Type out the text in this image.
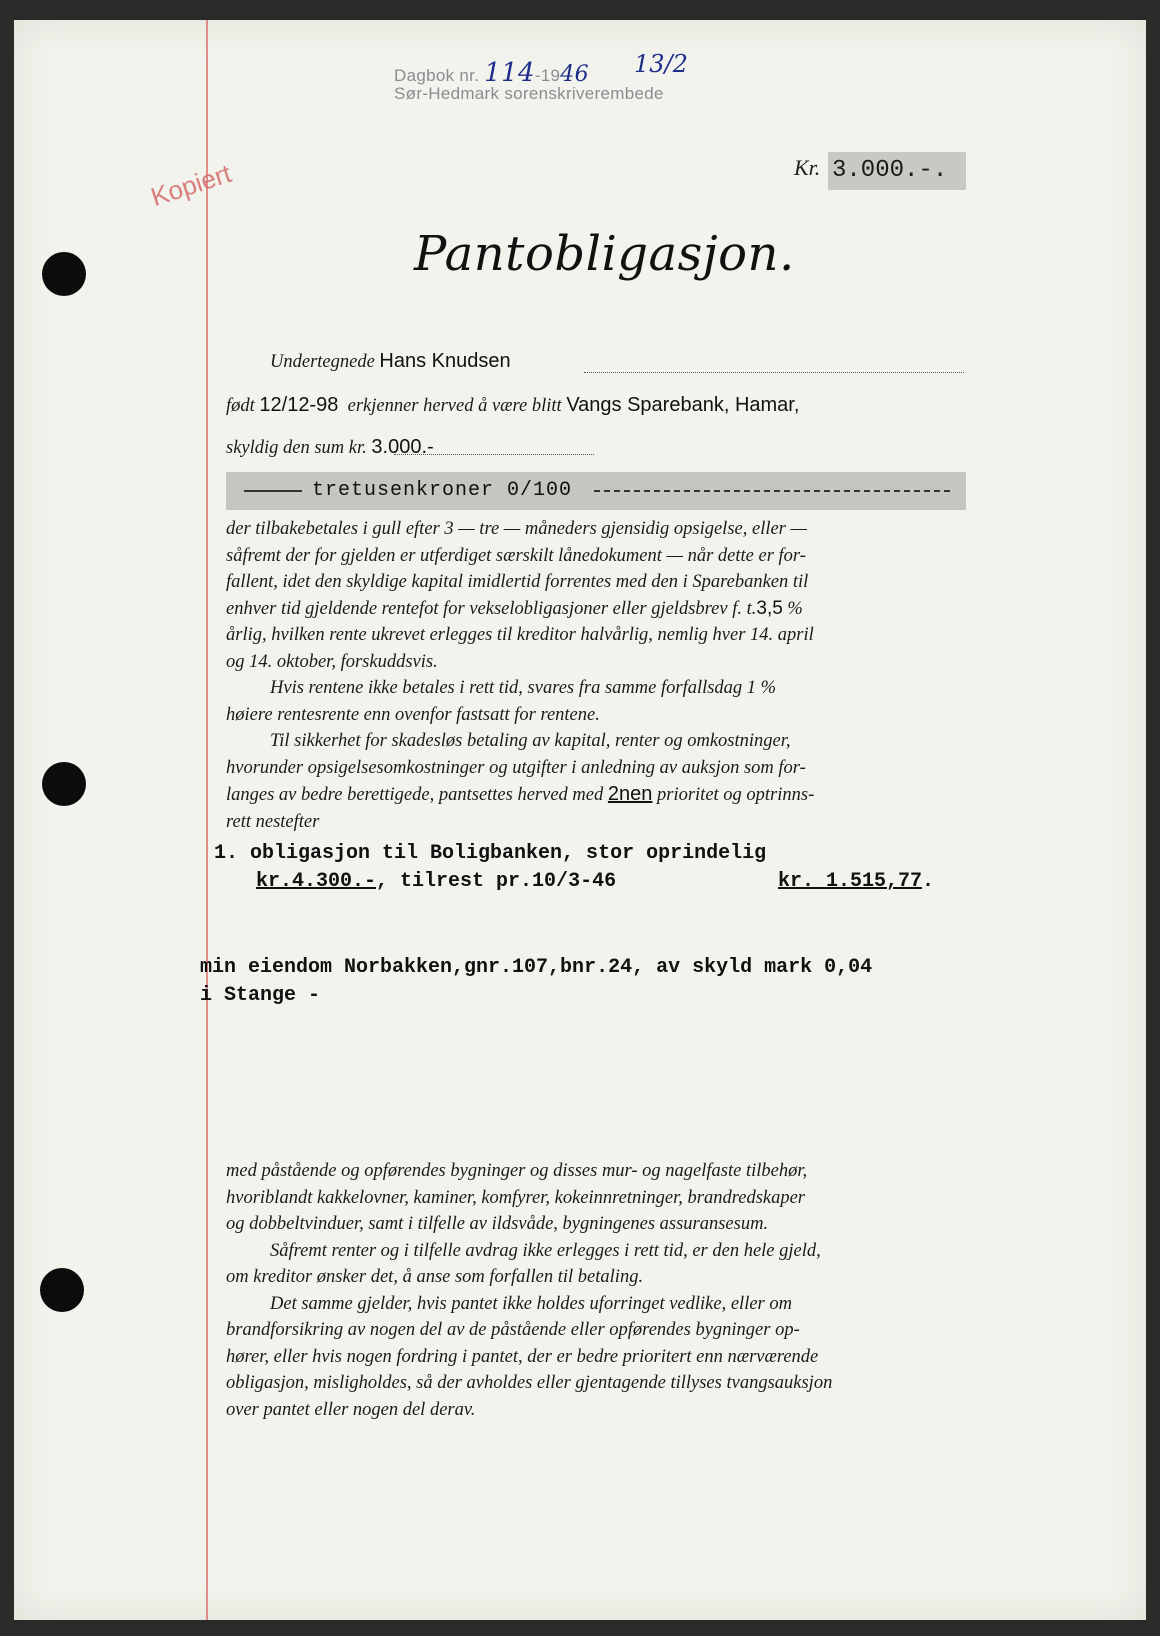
Dagbok nr. 114-1946 13/2
Sør-Hedmark sorenskriverembede
Kopiert	Kr. 3.000.-.
Pantobligasjon.
Undertegnede Hans Knudsen
født 12/12-98 erkjenner herved å være blitt Vangs Sparebank, Hamar,
skyldig den sum kr. 3.000.-
tretusenkroner 0/100

der tilbakebetales i gull efter 3 — tre — måneders gjensidig opsigelse, eller —

såfremt der for gjelden er utferdiget særskilt lånedokument — når dette er for-

fallent, idet den skyldige kapital imidlertid forrentes med den i Sparebanken til

enhver tid gjeldende rentefot for vekselobligasjoner eller gjeldsbrev f. t.3,5 %

årlig, hvilken rente ukrevet erlegges til kreditor halvårlig, nemlig hver 14. april

og 14. oktober, forskuddsvis.

Hvis rentene ikke betales i rett tid, svares fra samme forfallsdag 1 %

høiere rentesrente enn ovenfor fastsatt for rentene.

Til sikkerhet for skadesløs betaling av kapital, renter og omkostninger,

hvorunder opsigelsesomkostninger og utgifter i anledning av auksjon som for-

langes av bedre berettigede, pantsettes herved med 2nen prioritet og optrinns-

rett nestefter

1. obligasjon til Boligbanken, stor oprindelig
kr.4.300.-, tilrest pr.10/3-46	kr. 1.515,77.
min eiendom Norbakken,gnr.107,bnr.24, av skyld mark 0,04
i Stange -

med påstående og opførendes bygninger og disses mur- og nagelfaste tilbehør,

hvoriblandt kakkelovner, kaminer, komfyrer, kokeinnretninger, brandredskaper

og dobbeltvinduer, samt i tilfelle av ildsvåde, bygningenes assuransesum.

Såfremt renter og i tilfelle avdrag ikke erlegges i rett tid, er den hele gjeld,

om kreditor ønsker det, å anse som forfallen til betaling.

Det samme gjelder, hvis pantet ikke holdes uforringet vedlike, eller om

brandforsikring av nogen del av de påstående eller opførendes bygninger op-

hører, eller hvis nogen fordring i pantet, der er bedre prioritert enn nærværende

obligasjon, misligholdes, så der avholdes eller gjentagende tillyses tvangsauksjon

over pantet eller nogen del derav.
